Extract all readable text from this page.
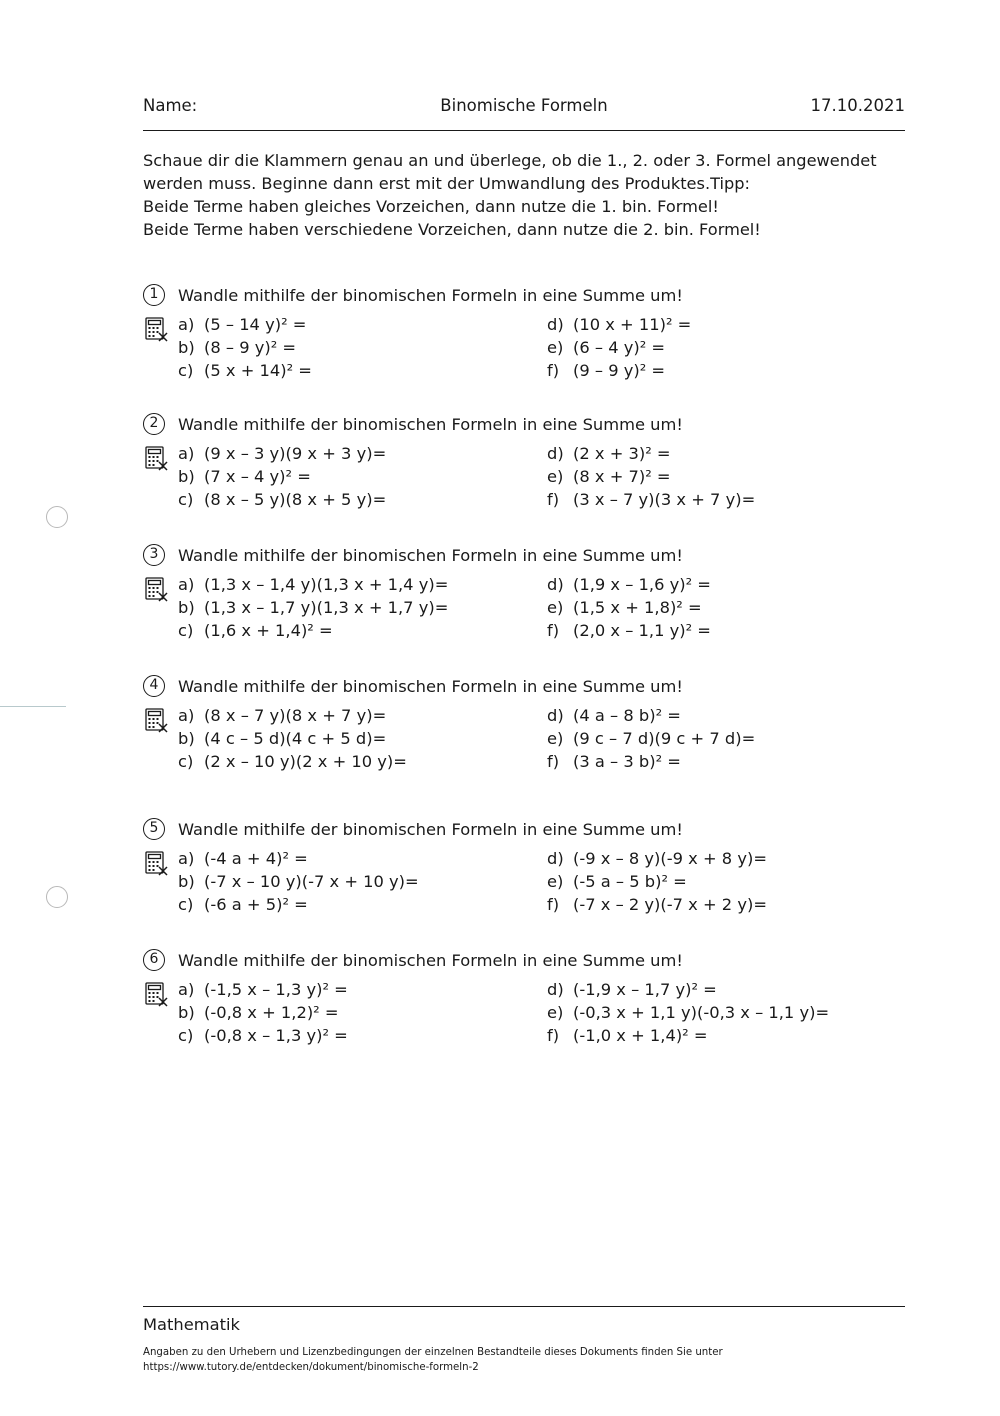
Name:	Binomische Formeln	17.10.2021
Schaue dir die Klammern genau an und überlege, ob die 1., 2. oder 3. Formel angewendet
werden muss. Beginne dann erst mit der Umwandlung des Produktes.Tipp:
Beide Terme haben gleiches Vorzeichen, dann nutze die 1. bin. Formel!
Beide Terme haben verschiedene Vorzeichen, dann nutze die 2. bin. Formel!
1	Wandle mithilfe der binomischen Formeln in eine Summe um!
a) (5 – 14 y)² =
b) (8 – 9 y)² =
c) (5 x + 14)² =
d) (10 x + 11)² =
e) (6 – 4 y)² =
f) (9 – 9 y)² =
2	Wandle mithilfe der binomischen Formeln in eine Summe um!
a) (9 x – 3 y)(9 x + 3 y)=
b) (7 x – 4 y)² =
c) (8 x – 5 y)(8 x + 5 y)=
d) (2 x + 3)² =
e) (8 x + 7)² =
f) (3 x – 7 y)(3 x + 7 y)=
3	Wandle mithilfe der binomischen Formeln in eine Summe um!
a) (1,3 x – 1,4 y)(1,3 x + 1,4 y)=
b) (1,3 x – 1,7 y)(1,3 x + 1,7 y)=
c) (1,6 x + 1,4)² =
d) (1,9 x – 1,6 y)² =
e) (1,5 x + 1,8)² =
f) (2,0 x – 1,1 y)² =
4	Wandle mithilfe der binomischen Formeln in eine Summe um!
a) (8 x – 7 y)(8 x + 7 y)=
b) (4 c – 5 d)(4 c + 5 d)=
c) (2 x – 10 y)(2 x + 10 y)=
d) (4 a – 8 b)² =
e) (9 c – 7 d)(9 c + 7 d)=
f) (3 a – 3 b)² =
5	Wandle mithilfe der binomischen Formeln in eine Summe um!
a) (-4 a + 4)² =
b) (-7 x – 10 y)(-7 x + 10 y)=
c) (-6 a + 5)² =
d) (-9 x – 8 y)(-9 x + 8 y)=
e) (-5 a – 5 b)² =
f) (-7 x – 2 y)(-7 x + 2 y)=
6	Wandle mithilfe der binomischen Formeln in eine Summe um!
a) (-1,5 x – 1,3 y)² =
b) (-0,8 x + 1,2)² =
c) (-0,8 x – 1,3 y)² =
d) (-1,9 x – 1,7 y)² =
e) (-0,3 x + 1,1 y)(-0,3 x – 1,1 y)=
f) (-1,0 x + 1,4)² =
Mathematik
Angaben zu den Urhebern und Lizenzbedingungen der einzelnen Bestandteile dieses Dokuments finden Sie unter
https://www.tutory.de/entdecken/dokument/binomische-formeln-2
